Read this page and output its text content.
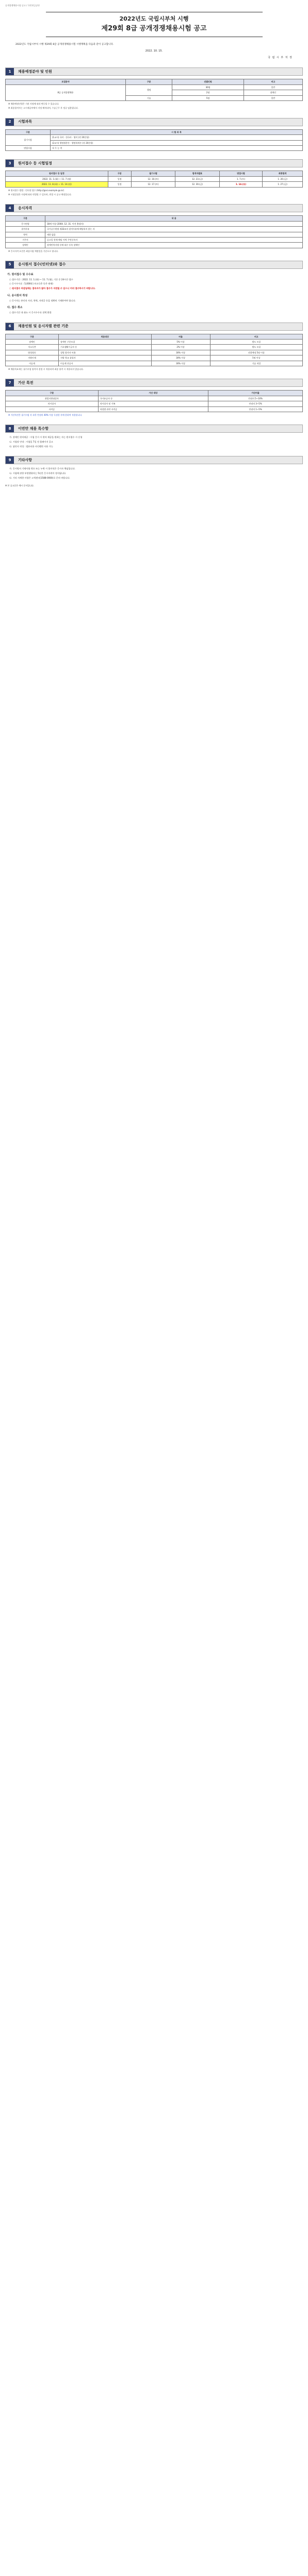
공개경쟁채용시험 공고 / 국민연금공단
2022년도 국립시부처 시행
제29회 8급 공개경쟁채용시험 공고
2022년도 국립시부처 시행 제29회 8급 공개경쟁채용시험 시행계획을 다음과 같이 공고합니다.
2022. 10. 15.
국 립 시 부 처 장
1	채용예정분야 및 인원
모집분야	구분	선발인원	비고
8급 공개경쟁채용	행정	30명	일반
		2명	장애인
	기술	5명	일반
※ 채용예정인원은 기관 사정에 따라 변동될 수 있습니다.
※ 최종합격자는 고시제공부에서 지정 배치되며, 수습근무 후 정규 임용됩니다.
2	시험과목
구분	시 험 과 목
필기시험	(1교시) 국어 · 한국사 · 영어 (각 20문항)
	(2교시) 행정법총론 · 행정학개론 (각 20문항)
면접시험	직 무 능 력
3	원서접수 등 시험일정
원서접수 등 일정	구분	필기시험	합격자발표	면접시험	최종합격
2022. 11. 1.(화) ~ 11. 7.(월)	일정	12. 10.(토)	12. 23.(금)	1. 7.(토)	1. 20.(금)
2022. 11. 8.(화) ~ 11. 14.(월)	일정	12. 17.(토)	12. 30.(금)	1. 14.(토)	1. 27.(금)
※ 원서접수 방법 : 인터넷 접수 (http://gosi.example.go.kr)
※ 시험일정은 사정에 따라 변경될 수 있으며, 변경 시 공고 예정입니다.
4	응시자격
구분	내 용
응시연령	18세 이상 (2004. 12. 31. 이전 출생자)
결격사유	국가공무원법 제33조의 결격사유에 해당하지 않는 자
학력	제한 없음
거주지	공고일 현재 해당 지역 주민등록자
장애인	장애인복지법 등에 따른 등록 장애인
※ 응시자격 요건은 최종시험 예정일을 기준으로 합니다.
5	응시원서 접수(인터넷)와 접수
가. 원서접수 및 수수료
○ 접수기간 : 2022. 11. 1.(화) ~ 11. 7.(월), 기간 중 24시간 접수
○ 응시수수료 : 5,000원 (저소득층 등은 면제)
○ 원서접수 마감일에는 접속자가 많아 접수가 지연될 수 있으니 미리 접수하시기 바랍니다.
나. 응시원서 작성
○ 응시자는 본인의 사진, 학력, 자격증 등을 정확히 기재하여야 합니다.
다. 접수 취소
○ 접수기간 내 취소 시 응시수수료 전액 환불
6	채용인원 및 응시자별 관련 기준
구분	적용대상	비율	비고
장애인	장애인 구분모집	5% 이상	별도 모집
저소득층	기초생활수급자 등	2% 이상	별도 모집
양성평등	성별 합격자 비율	30% 이상	선발예정 5명 이상
지방인재	지방 학교 졸업자	30% 이상	5명 이상
이공계	이공계 전공자	30% 이상	기술 직렬
※ 채용목표제는 필기시험 합격자 결정 시 적용되며 최종 합격 시 적용되지 않습니다.
7	가산 특전
구분	가산 대상	가산비율
취업지원대상자	국가유공자 등	만점의 5~10%
의사상자	의사상자 및 가족	만점의 3~5%
자격증	직렬별 관련 자격증	만점의 1~5%
※ 가산특전은 필기시험 각 과목 만점의 40% 이상 득점한 자에 한하여 적용합니다.
8	이번만 채용 특수항
가. 장애인 편의제공 : 시험 응시 시 편의 제공을 원하는 자는 원서접수 시 신청
나. 시험장 안내 : 시험일 7일 전 홈페이지 공고
다. 답안지 작성 : 컴퓨터용 사인펜만 사용 가능
9	기타사항
가. 응시원서 기재사항 착오 또는 누락 시 불이익은 응시자 책임입니다.
나. 시험에 관한 부정행위자는 5년간 응시자격이 정지됩니다.
다. 기타 자세한 사항은 고객센터(1588-0000)로 문의 바랍니다.
※ 본 공고문은 예시 문서입니다.
